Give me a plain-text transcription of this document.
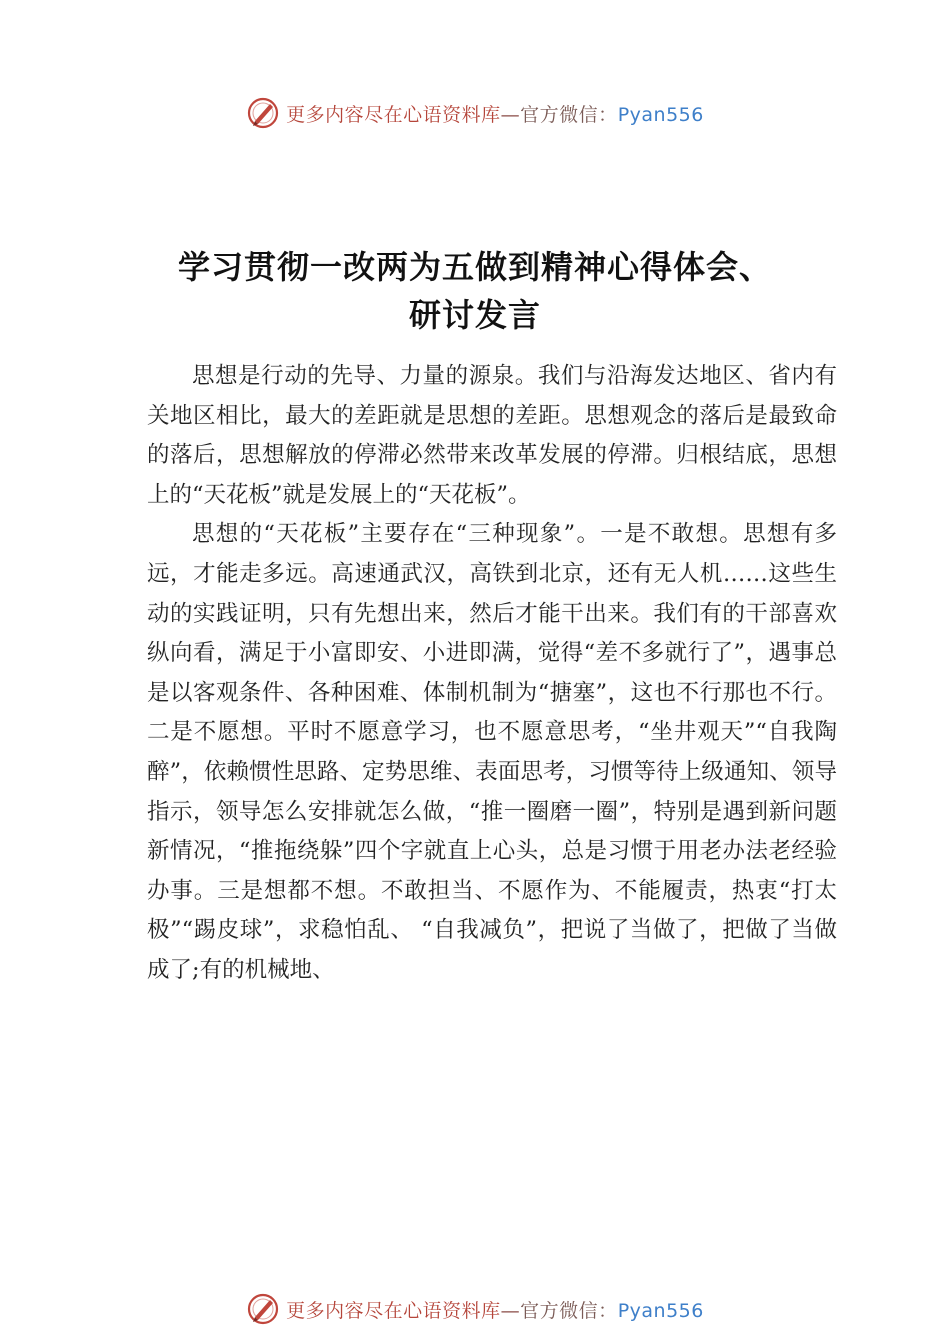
更多内容尽在心语资料库—官方微信：Pyan556
学习贯彻一改两为五做到精神心得体会、
研讨发言

思想是行动的先导、力量的源泉。我们与沿海发达地区、省内有关地区相比，最大的差距就是思想的差距。思想观念的落后是最致命的落后，思想解放的停滞必然带来改革发展的停滞。归根结底，思想上的“天花板”就是发展上的“天花板”。

思想的“天花板”主要存在“三种现象”。一是不敢想。思想有多远，才能走多远。高速通武汉，高铁到北京，还有无人机……这些生动的实践证明，只有先想出来，然后才能干出来。我们有的干部喜欢纵向看，满足于小富即安、小进即满，觉得“差不多就行了”，遇事总是以客观条件、各种困难、体制机制为“搪塞”，这也不行那也不行。二是不愿想。平时不愿意学习，也不愿意思考，“坐井观天”“自我陶醉”，依赖惯性思路、定势思维、表面思考，习惯等待上级通知、领导指示，领导怎么安排就怎么做，“推一圈磨一圈”，特别是遇到新问题新情况，“推拖绕躲”四个字就直上心头，总是习惯于用老办法老经验办事。三是想都不想。不敢担当、不愿作为、不能履责，热衷“打太极”“踢皮球”，求稳怕乱、 “自我减负”，把说了当做了，把做了当做成了;有的机械地、

更多内容尽在心语资料库—官方微信：Pyan556
